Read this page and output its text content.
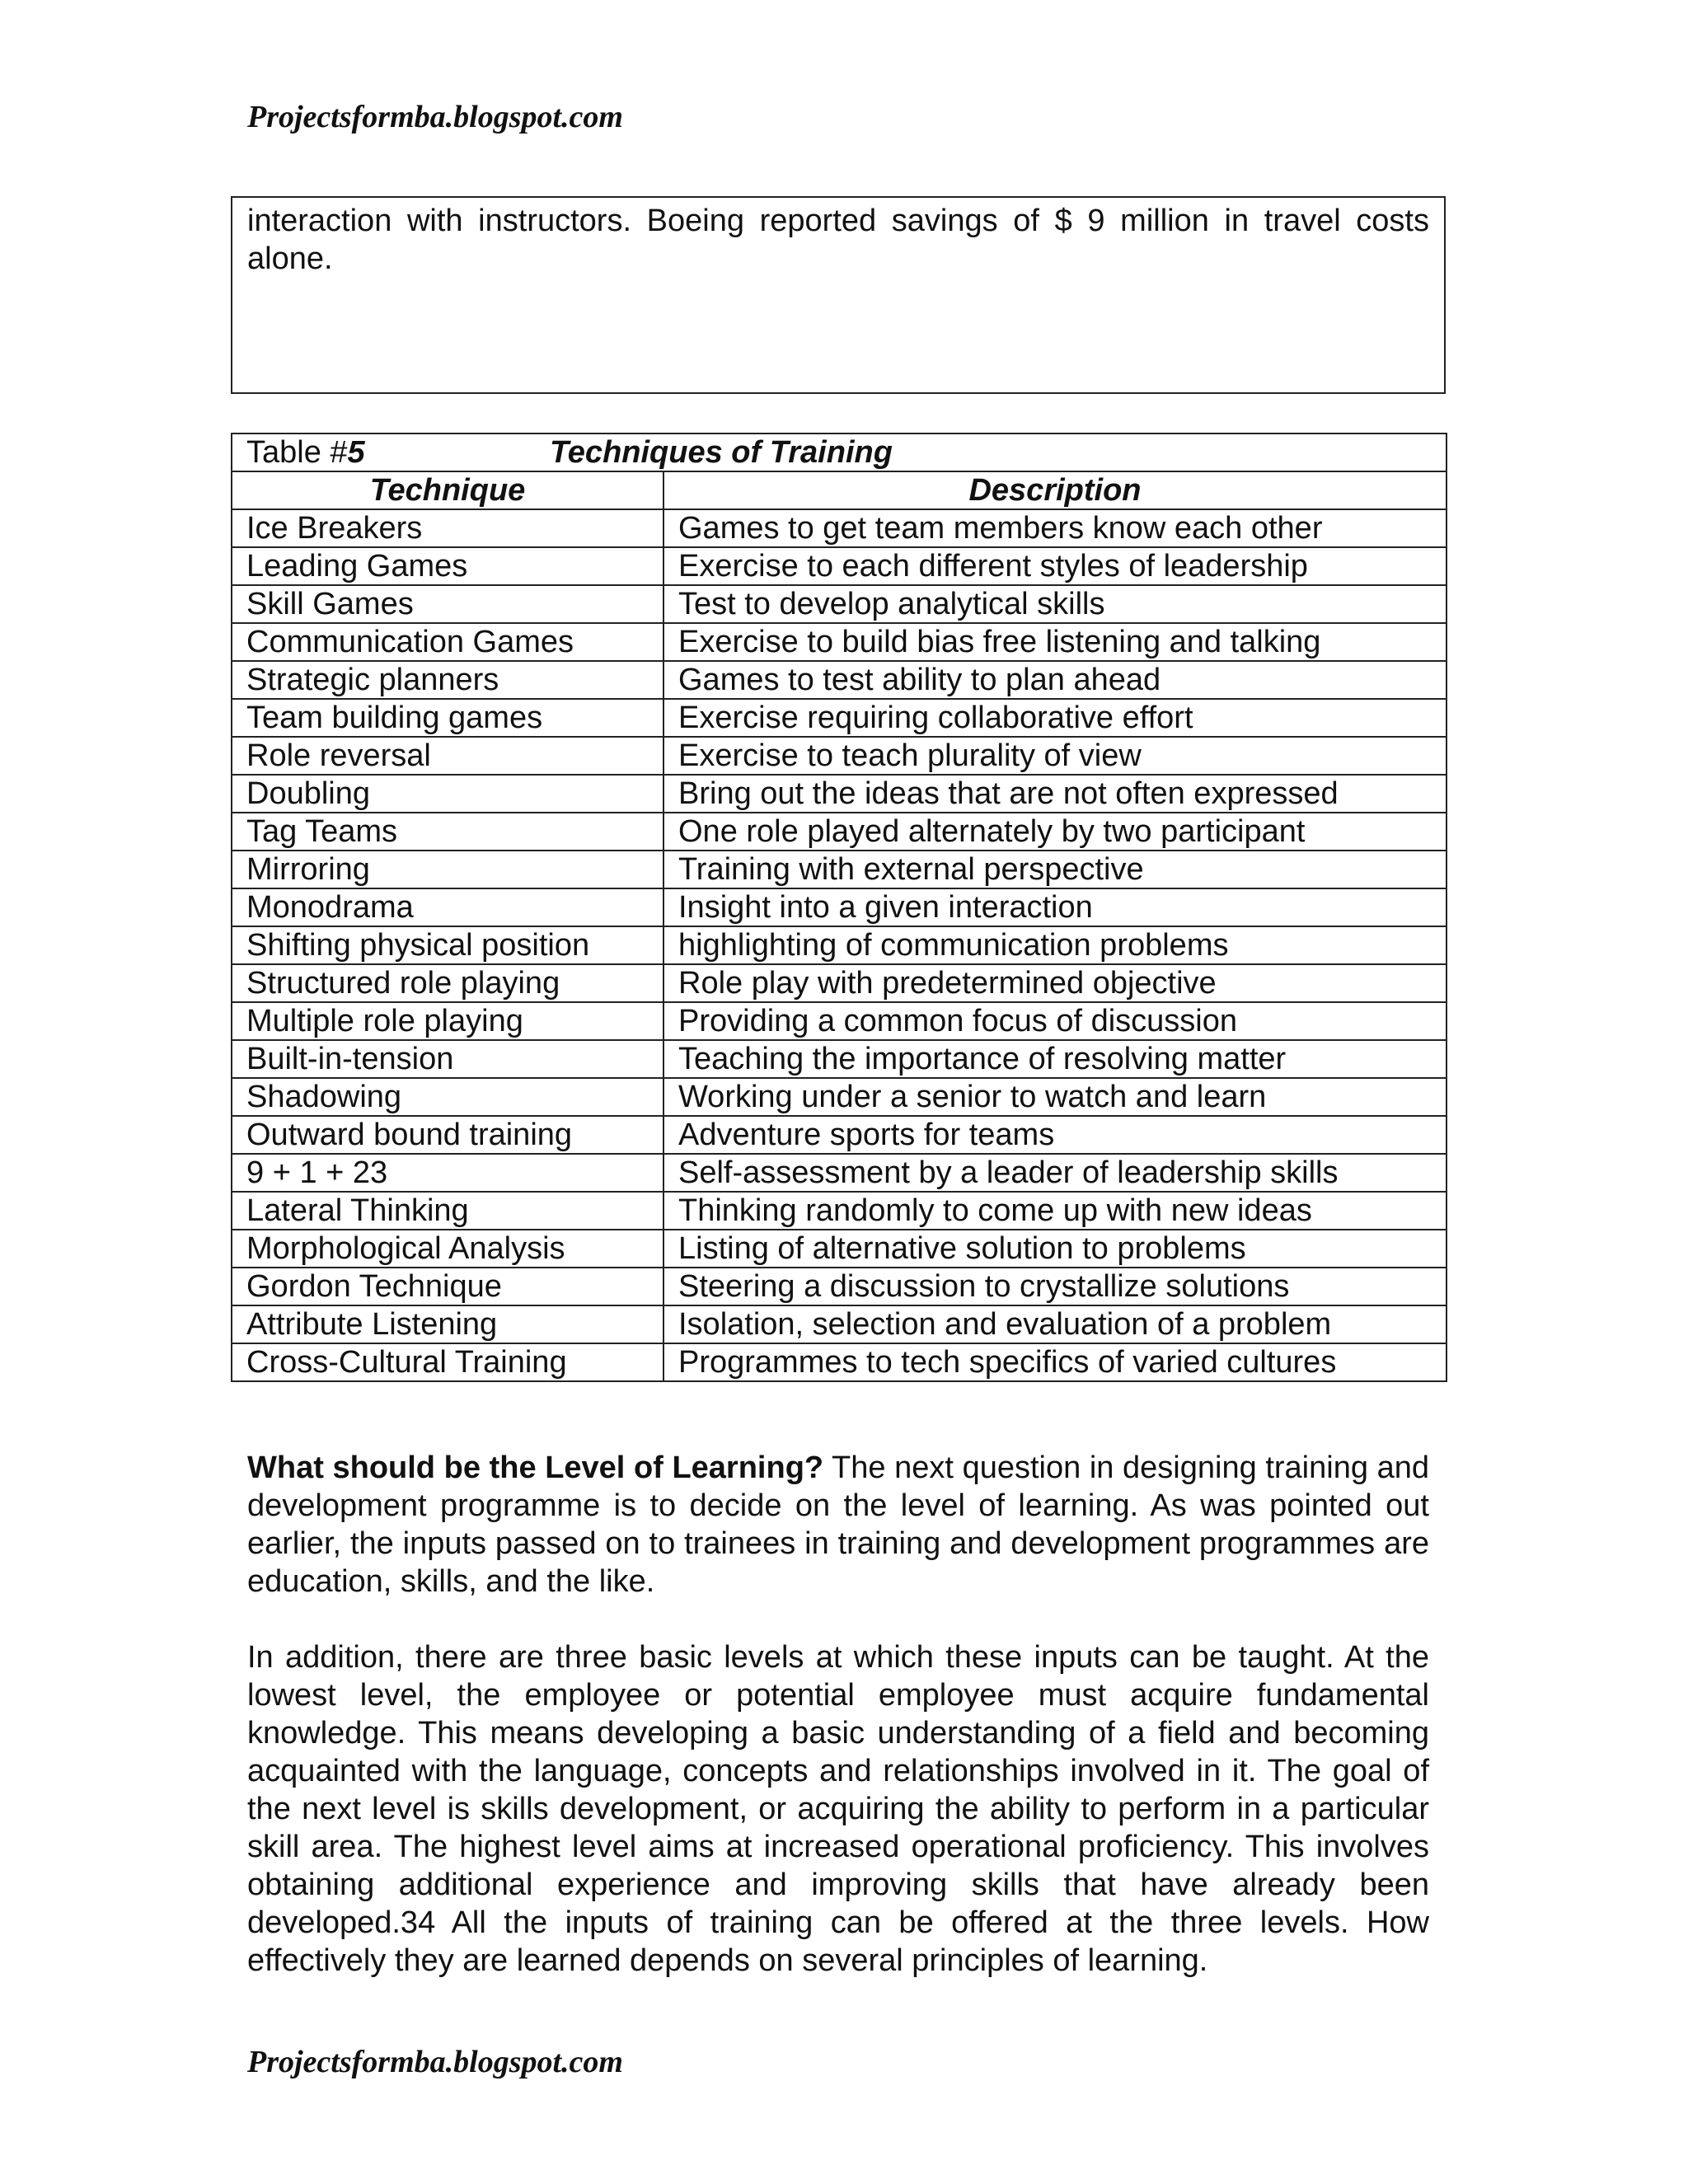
Projectsformba.blogspot.com
interaction with instructors. Boeing reported savings of $ 9 million in travel costs alone.
Table #5 Techniques of Training	

Technique	Description
Ice Breakers	Games to get team members know each other
Leading Games	Exercise to each different styles of leadership
Skill Games	Test to develop analytical skills
Communication Games	Exercise to build bias free listening and talking
Strategic planners	Games to test ability to plan ahead
Team building games	Exercise requiring collaborative effort
Role reversal	Exercise to teach plurality of view
Doubling	Bring out the ideas that are not often expressed
Tag Teams	One role played alternately by two participant
Mirroring	Training with external perspective
Monodrama	Insight into a given interaction
Shifting physical position	highlighting of communication problems
Structured role playing	Role play with predetermined objective
Multiple role playing	Providing a common focus of discussion
Built-in-tension	Teaching the importance of resolving matter
Shadowing	Working under a senior to watch and learn
Outward bound training	Adventure sports for teams
9 + 1 + 23	Self-assessment by a leader of leadership skills
Lateral Thinking	Thinking randomly to come up with new ideas
Morphological Analysis	Listing of alternative solution to problems
Gordon Technique	Steering a discussion to crystallize solutions
Attribute Listening	Isolation, selection and evaluation of a problem
Cross-Cultural Training	Programmes to tech specifics of varied cultures

What should be the Level of Learning? The next question in designing training and development programme is to decide on the level of learning. As was pointed out earlier, the inputs passed on to trainees in training and development programmes are education, skills, and the like.

In addition, there are three basic levels at which these inputs can be taught. At the lowest level, the employee or potential employee must acquire fundamental knowledge. This means developing a basic understanding of a field and becoming acquainted with the language, concepts and relationships involved in it. The goal of the next level is skills development, or acquiring the ability to perform in a particular skill area. The highest level aims at increased operational proficiency. This involves obtaining additional experience and improving skills that have already been developed.34 All the inputs of training can be offered at the three levels. How effectively they are learned depends on several principles of learning.

Projectsformba.blogspot.com
